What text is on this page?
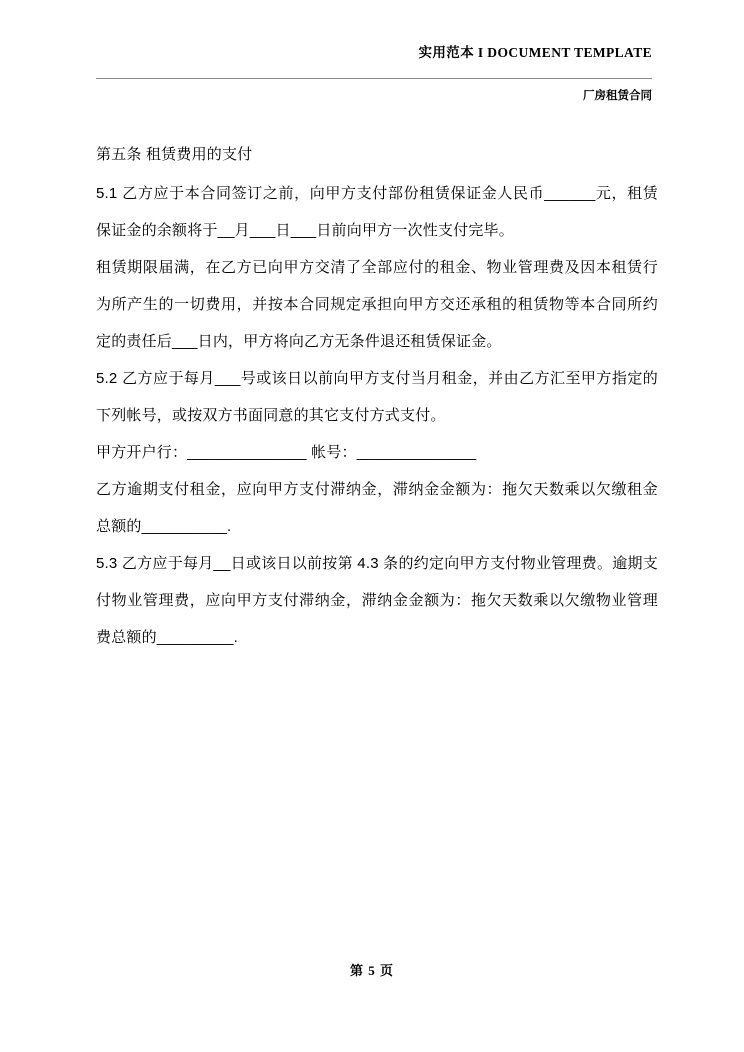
实用范本 I DOCUMENT TEMPLATE
厂房租赁合同

第五条 租赁费用的支付

5.1 乙方应于本合同签订之前，向甲方支付部份租赁保证金人民币______元，租赁保证金的余额将于__月___日___日前向甲方一次性支付完毕。

租赁期限届满，在乙方已向甲方交清了全部应付的租金、物业管理费及因本租赁行为所产生的一切费用，并按本合同规定承担向甲方交还承租的租赁物等本合同所约定的责任后___日内，甲方将向乙方无条件退还租赁保证金。

5.2 乙方应于每月___号或该日以前向甲方支付当月租金，并由乙方汇至甲方指定的下列帐号，或按双方书面同意的其它支付方式支付。

甲方开户行：______________ 帐号：______________

乙方逾期支付租金，应向甲方支付滞纳金，滞纳金金额为：拖欠天数乘以欠缴租金总额的__________.

5.3 乙方应于每月__日或该日以前按第 4.3 条的约定向甲方支付物业管理费。逾期支付物业管理费，应向甲方支付滞纳金，滞纳金金额为：拖欠天数乘以欠缴物业管理费总额的_________.

第 5 页
